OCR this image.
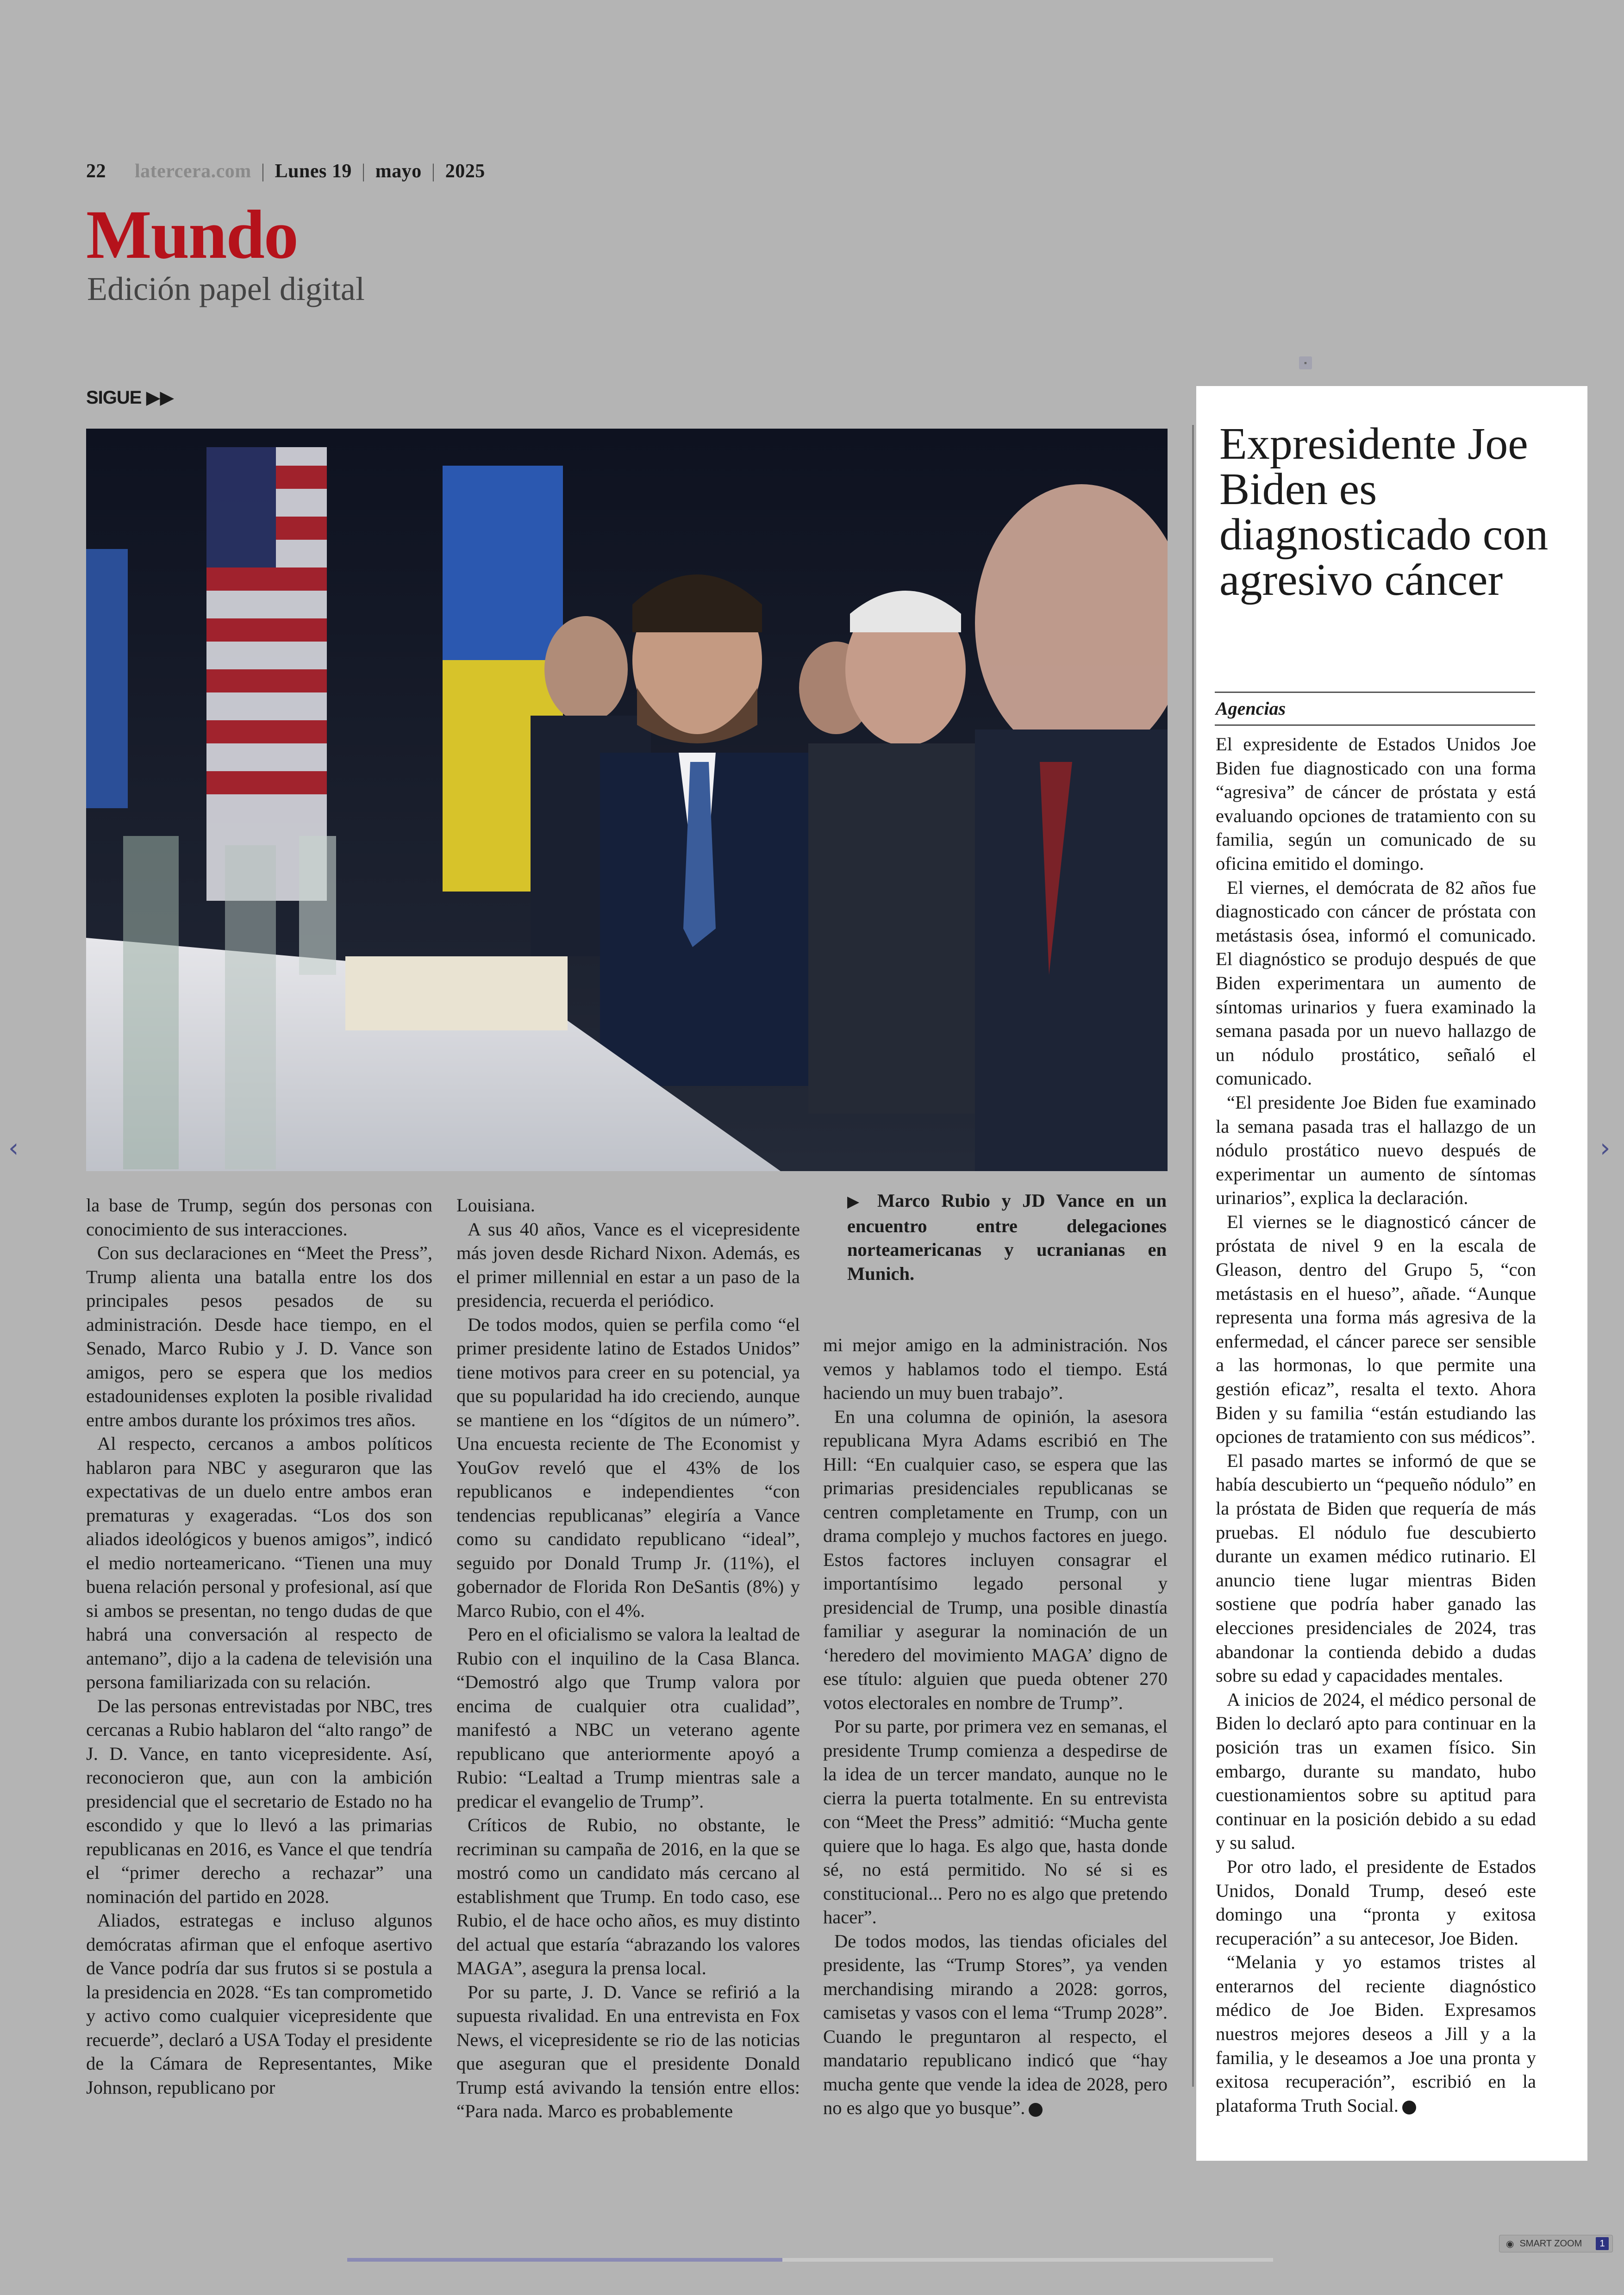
22 latercera.com | Lunes 19 | mayo | 2025
Mundo
Edición papel digital
SIGUE ▶▶
▪
▶ Marco Rubio y JD Vance en un encuentro entre delegaciones norteamericanas y ucranianas en Munich.

la base de Trump, según dos personas con conocimiento de sus interacciones.

Con sus declaraciones en “Meet the Press”, Trump alienta una batalla entre los dos principales pesos pesados de su administración. Desde hace tiempo, en el Senado, Marco Rubio y J. D. Vance son amigos, pero se espera que los medios estadounidenses exploten la posible rivalidad entre ambos durante los próximos tres años.

Al respecto, cercanos a ambos políticos hablaron para NBC y aseguraron que las expectativas de un duelo entre ambos eran prematuras y exageradas. “Los dos son aliados ideológicos y buenos amigos”, indicó el medio norteamericano. “Tienen una muy buena relación personal y profesional, así que si ambos se presentan, no tengo dudas de que habrá una conversación al respecto de antemano”, dijo a la cadena de televisión una persona familiarizada con su relación.

De las personas entrevistadas por NBC, tres cercanas a Rubio hablaron del “alto rango” de J. D. Vance, en tanto vicepresidente. Así, reconocieron que, aun con la ambición presidencial que el secretario de Estado no ha escondido y que lo llevó a las primarias republicanas en 2016, es Vance el que tendría el “primer derecho a rechazar” una nominación del partido en 2028.

Aliados, estrategas e incluso algunos demócratas afirman que el enfoque asertivo de Vance podría dar sus frutos si se postula a la presidencia en 2028. “Es tan comprometido y activo como cualquier vicepresidente que recuerde”, declaró a USA Today el presidente de la Cámara de Representantes, Mike Johnson, republicano por

Louisiana.

A sus 40 años, Vance es el vicepresidente más joven desde Richard Nixon. Además, es el primer millennial en estar a un paso de la presidencia, recuerda el periódico.

De todos modos, quien se perfila como “el primer presidente latino de Estados Unidos” tiene motivos para creer en su potencial, ya que su popularidad ha ido creciendo, aunque se mantiene en los “dígitos de un número”. Una encuesta reciente de The Economist y YouGov reveló que el 43% de los republicanos e independientes “con tendencias republicanas” elegiría a Vance como su candidato republicano “ideal”, seguido por Donald Trump Jr. (11%), el gobernador de Florida Ron DeSantis (8%) y Marco Rubio, con el 4%.

Pero en el oficialismo se valora la lealtad de Rubio con el inquilino de la Casa Blanca. “Demostró algo que Trump valora por encima de cualquier otra cualidad”, manifestó a NBC un veterano agente republicano que anteriormente apoyó a Rubio: “Lealtad a Trump mientras sale a predicar el evangelio de Trump”.

Críticos de Rubio, no obstante, le recriminan su campaña de 2016, en la que se mostró como un candidato más cercano al establishment que Trump. En todo caso, ese Rubio, el de hace ocho años, es muy distinto del actual que estaría “abrazando los valores MAGA”, asegura la prensa local.

Por su parte, J. D. Vance se refirió a la supuesta rivalidad. En una entrevista en Fox News, el vicepresidente se rio de las noticias que aseguran que el presidente Donald Trump está avivando la tensión entre ellos: “Para nada. Marco es probablemente

mi mejor amigo en la administración. Nos vemos y hablamos todo el tiempo. Está haciendo un muy buen trabajo”.

En una columna de opinión, la asesora republicana Myra Adams escribió en The Hill: “En cualquier caso, se espera que las primarias presidenciales republicanas se centren completamente en Trump, con un drama complejo y muchos factores en juego. Estos factores incluyen consagrar el importantísimo legado personal y presidencial de Trump, una posible dinastía familiar y asegurar la nominación de un ‘heredero del movimiento MAGA’ digno de ese título: alguien que pueda obtener 270 votos electorales en nombre de Trump”.

Por su parte, por primera vez en semanas, el presidente Trump comienza a despedirse de la idea de un tercer mandato, aunque no le cierra la puerta totalmente. En su entrevista con “Meet the Press” admitió: “Mucha gente quiere que lo haga. Es algo que, hasta donde sé, no está permitido. No sé si es constitucional... Pero no es algo que pretendo hacer”.

De todos modos, las tiendas oficiales del presidente, las “Trump Stores”, ya venden merchandising mirando a 2028: gorros, camisetas y vasos con el lema “Trump 2028”. Cuando le preguntaron al respecto, el mandatario republicano indicó que “hay mucha gente que vende la idea de 2028, pero no es algo que yo busque”.

Expresidente Joe Biden es diagnosticado con agresivo cáncer
Agencias

El expresidente de Estados Unidos Joe Biden fue diagnosticado con una forma “agresiva” de cáncer de próstata y está evaluando opciones de tratamiento con su familia, según un comunicado de su oficina emitido el domingo.

El viernes, el demócrata de 82 años fue diagnosticado con cáncer de próstata con metástasis ósea, informó el comunicado. El diagnóstico se produjo después de que Biden experimentara un aumento de síntomas urinarios y fuera examinado la semana pasada por un nuevo hallazgo de un nódulo prostático, señaló el comunicado.

“El presidente Joe Biden fue examinado la semana pasada tras el hallazgo de un nódulo prostático nuevo después de experimentar un aumento de síntomas urinarios”, explica la declaración.

El viernes se le diagnosticó cáncer de próstata de nivel 9 en la escala de Gleason, dentro del Grupo 5, “con metástasis en el hueso”, añade. “Aunque representa una forma más agresiva de la enfermedad, el cáncer parece ser sensible a las hormonas, lo que permite una gestión eficaz”, resalta el texto. Ahora Biden y su familia “están estudiando las opciones de tratamiento con sus médicos”.

El pasado martes se informó de que se había descubierto un “pequeño nódulo” en la próstata de Biden que requería de más pruebas. El nódulo fue descubierto durante un examen médico rutinario. El anuncio tiene lugar mientras Biden sostiene que podría haber ganado las elecciones presidenciales de 2024, tras abandonar la contienda debido a dudas sobre su edad y capacidades mentales.

A inicios de 2024, el médico personal de Biden lo declaró apto para continuar en la posición tras un examen físico. Sin embargo, durante su mandato, hubo cuestionamientos sobre su aptitud para continuar en la posición debido a su edad y su salud.

Por otro lado, el presidente de Estados Unidos, Donald Trump, deseó este domingo una “pronta y exitosa recuperación” a su antecesor, Joe Biden.

“Melania y yo estamos tristes al enterarnos del reciente diagnóstico médico de Joe Biden. Expresamos nuestros mejores deseos a Jill y a la familia, y le deseamos a Joe una pronta y exitosa recuperación”, escribió en la plataforma Truth Social.

‹	›
◉ SMART ZOOM	1
